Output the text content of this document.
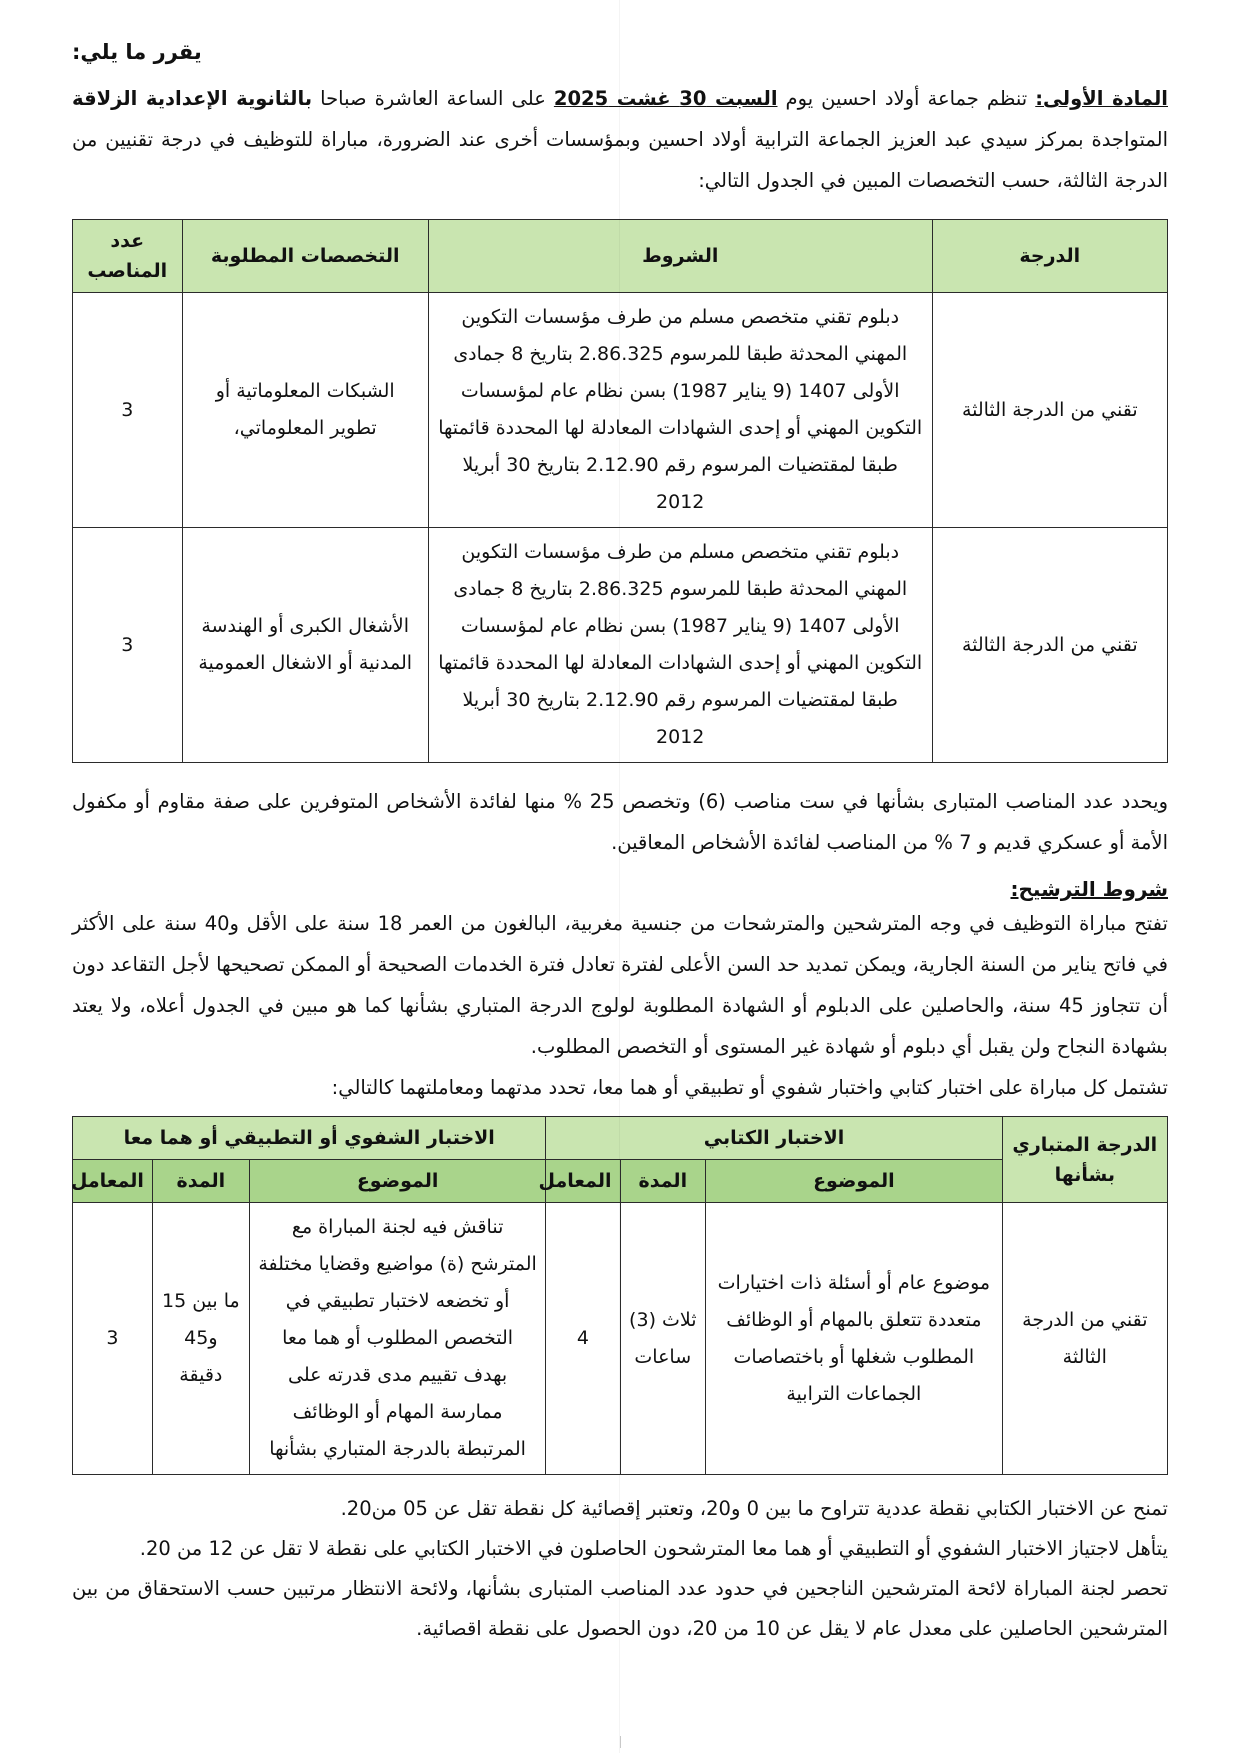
يقرر ما يلي:

المادة الأولى: تنظم جماعة أولاد احسين يوم السبت 30 غشت 2025 على الساعة العاشرة صباحا بالثانوية الإعدادية الزلاقة المتواجدة بمركز سيدي عبد العزيز الجماعة الترابية أولاد احسين وبمؤسسات أخرى عند الضرورة، مباراة للتوظيف في درجة تقنيين من الدرجة الثالثة، حسب التخصصات المبين في الجدول التالي:

الدرجة	الشروط	التخصصات المطلوبة	عدد المناصب
تقني من الدرجة الثالثة	دبلوم تقني متخصص مسلم من طرف مؤسسات التكوين المهني المحدثة طبقا للمرسوم 2.86.325 بتاريخ 8 جمادى الأولى 1407 (9 يناير 1987) بسن نظام عام لمؤسسات التكوين المهني أو إحدى الشهادات المعادلة لها المحددة قائمتها طبقا لمقتضيات المرسوم رقم 2.12.90 بتاريخ 30 أبريلا 2012	الشبكات المعلوماتية أو تطوير المعلوماتي،	3
تقني من الدرجة الثالثة	دبلوم تقني متخصص مسلم من طرف مؤسسات التكوين المهني المحدثة طبقا للمرسوم 2.86.325 بتاريخ 8 جمادى الأولى 1407 (9 يناير 1987) بسن نظام عام لمؤسسات التكوين المهني أو إحدى الشهادات المعادلة لها المحددة قائمتها طبقا لمقتضيات المرسوم رقم 2.12.90 بتاريخ 30 أبريلا 2012	الأشغال الكبرى أو الهندسة المدنية أو الاشغال العمومية	3

ويحدد عدد المناصب المتبارى بشأنها في ست مناصب (6) وتخصص 25 % منها لفائدة الأشخاص المتوفرين على صفة مقاوم أو مكفول الأمة أو عسكري قديم و 7 % من المناصب لفائدة الأشخاص المعاقين.

شروط الترشيح:

تفتح مباراة التوظيف في وجه المترشحين والمترشحات من جنسية مغربية، البالغون من العمر 18 سنة على الأقل و40 سنة على الأكثر في فاتح يناير من السنة الجارية، ويمكن تمديد حد السن الأعلى لفترة تعادل فترة الخدمات الصحيحة أو الممكن تصحيحها لأجل التقاعد دون أن تتجاوز 45 سنة، والحاصلين على الدبلوم أو الشهادة المطلوبة لولوج الدرجة المتباري بشأنها كما هو مبين في الجدول أعلاه، ولا يعتد بشهادة النجاح ولن يقبل أي دبلوم أو شهادة غير المستوى أو التخصص المطلوب.

تشتمل كل مباراة على اختبار كتابي واختبار شفوي أو تطبيقي أو هما معا، تحدد مدتهما ومعاملتهما كالتالي:

الدرجة المتباري بشأنها	الاختبار الكتابي			الاختبار الشفوي أو التطبيقي أو هما معا		
	الموضوع	المدة	المعامل	الموضوع	المدة	المعامل
تقني من الدرجة الثالثة	موضوع عام أو أسئلة ذات اختيارات متعددة تتعلق بالمهام أو الوظائف المطلوب شغلها أو باختصاصات الجماعات الترابية	ثلاث (3) ساعات	4	تناقش فيه لجنة المباراة مع المترشح (ة) مواضيع وقضايا مختلفة أو تخضعه لاختبار تطبيقي في التخصص المطلوب أو هما معا بهدف تقييم مدى قدرته على ممارسة المهام أو الوظائف المرتبطة بالدرجة المتباري بشأنها	ما بين 15 و45 دقيقة	3

تمنح عن الاختبار الكتابي نقطة عددية تتراوح ما بين 0 و20، وتعتبر إقصائية كل نقطة تقل عن 05 من20.

يتأهل لاجتياز الاختبار الشفوي أو التطبيقي أو هما معا المترشحون الحاصلون في الاختبار الكتابي على نقطة لا تقل عن 12 من 20.

تحصر لجنة المباراة لائحة المترشحين الناجحين في حدود عدد المناصب المتبارى بشأنها، ولائحة الانتظار مرتبين حسب الاستحقاق من بين المترشحين الحاصلين على معدل عام لا يقل عن 10 من 20، دون الحصول على نقطة اقصائية.
